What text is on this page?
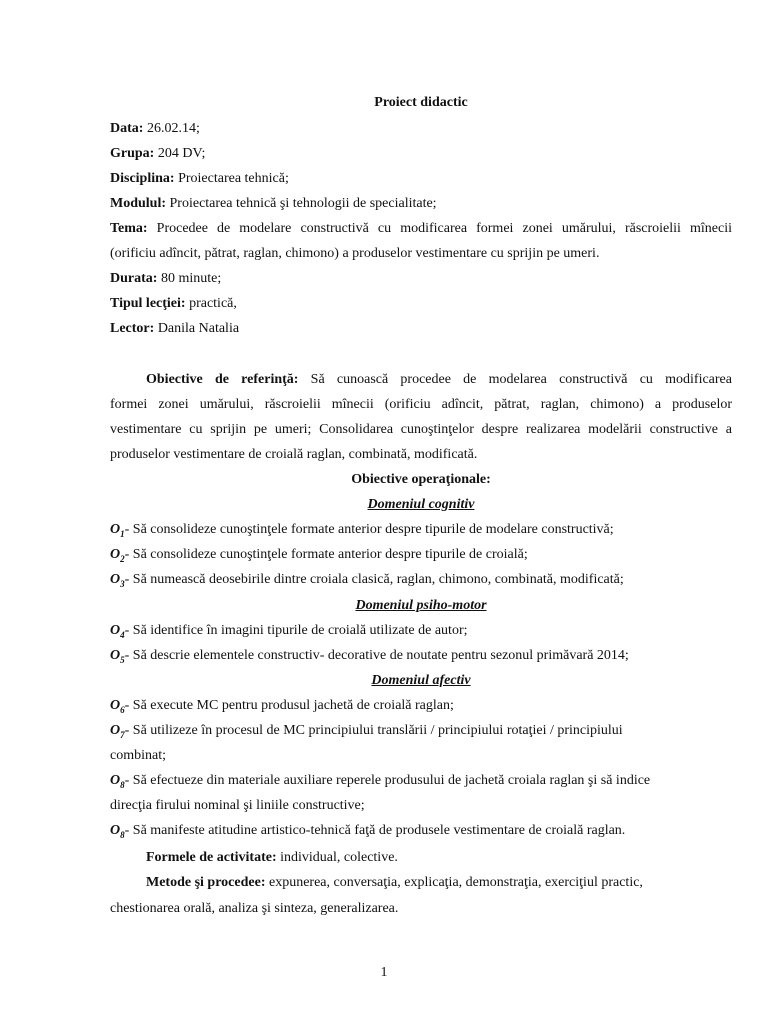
Proiect didactic
Data: 26.02.14;
Grupa: 204 DV;
Disciplina: Proiectarea tehnică;
Modulul: Proiectarea tehnică şi tehnologii de specialitate;
Tema: Procedee de modelare constructivă cu modificarea formei zonei umărului, răscroielii mînecii
(orificiu adîncit, pătrat, raglan, chimono) a produselor vestimentare cu sprijin pe umeri.
Durata: 80 minute;
Tipul lecţiei: practică,
Lector: Danila Natalia
Obiective de referinţă: Să cunoască procedee de modelarea constructivă cu modificarea
formei zonei umărului, răscroielii mînecii (orificiu adîncit, pătrat, raglan, chimono) a produselor
vestimentare cu sprijin pe umeri; Consolidarea cunoştinţelor despre realizarea modelării constructive a
produselor vestimentare de croială raglan, combinată, modificată.
Obiective operaţionale:
Domeniul cognitiv
$O_1-$ Să consolideze cunoştinţele formate anterior despre tipurile de modelare constructivă;
$O_2-$ Să consolideze cunoştinţele formate anterior despre tipurile de croială;
$O_3-$ Să numească deosebirile dintre croiala clasică, raglan, chimono, combinată, modificată;
Domeniul psiho-motor
$O_4-$ Să identifice în imagini tipurile de croială utilizate de autor;
$O_5-$ Să descrie elementele constructiv- decorative de noutate pentru sezonul primăvară 2014;
Domeniul afectiv
$O_6-$ Să execute MC pentru produsul jachetă de croială raglan;
$O_7-$ Să utilizeze în procesul de MC principiului translării / principiului rotaţiei / principiului
combinat;
$O_8-$ Să efectueze din materiale auxiliare reperele produsului de jachetă croiala raglan şi să indice
direcţia firului nominal şi liniile constructive;
$O_8-$ Să manifeste atitudine artistico-tehnică faţă de produsele vestimentare de croială raglan.
Formele de activitate: individual, colective.
Metode şi procedee: expunerea, conversaţia, explicaţia, demonstraţia, exerciţiul practic,
chestionarea orală, analiza şi sinteza, generalizarea.
1
